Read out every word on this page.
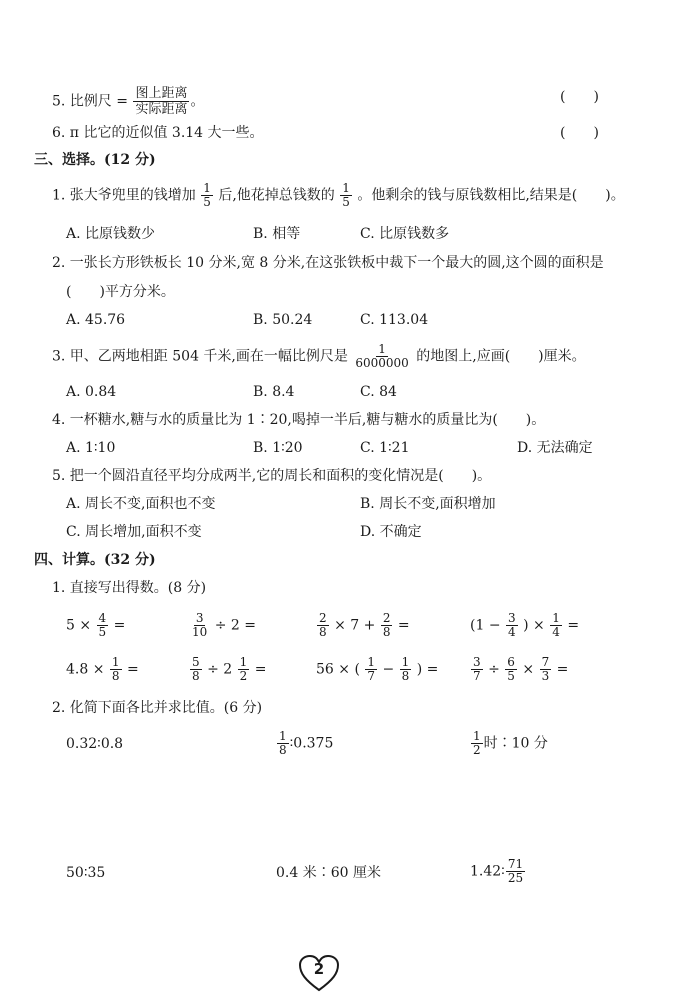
5. 比例尺 = $\frac{\text{图上距离}}{\text{实际距离}}$ 。	(　　)
6. π 比它的近似值 3.14 大一些。	(　　)
三、选择。(12 分)
1. 张大爷兜里的钱增加 $\frac{1}{5}$ 后,他花掉总钱数的 $\frac{1}{5}$ 。他剩余的钱与原钱数相比,结果是(　　)。
A. 比原钱数少	B. 相等	C. 比原钱数多
2. 一张长方形铁板长 10 分米,宽 8 分米,在这张铁板中裁下一个最大的圆,这个圆的面积是
(　　)平方分米。
A. 45.76	B. 50.24	C. 113.04
3. 甲、乙两地相距 504 千米,画在一幅比例尺是 $\frac{1}{6000000}$ 的地图上,应画(　　)厘米。
A. 0.84	B. 8.4	C. 84
4. 一杯糖水,糖与水的质量比为 1∶20,喝掉一半后,糖与糖水的质量比为(　　)。
A. 1∶10	B. 1∶20	C. 1∶21	D. 无法确定
5. 把一个圆沿直径平均分成两半,它的周长和面积的变化情况是(　　)。
A. 周长不变,面积也不变	B. 周长不变,面积增加
C. 周长增加,面积不变	D. 不确定
四、计算。(32 分)
1. 直接写出得数。(8 分)
$5 \times \frac{4}{5}$ =	$\frac{3}{10} \div 2$ =	$\frac{2}{8} \times 7 + \frac{2}{8}$ =	($1 - \frac{3}{4}$ ) × $\frac{1}{4}$ =
$4.8 \times \frac{1}{8}$ =	$\frac{5}{8} \div 2 \frac{1}{2}$ =	56 × ( $\frac{1}{7} - \frac{1}{8}$ ) =	$\frac{3}{7} \div \frac{6}{5} \times \frac{7}{3}$ =
2. 化简下面各比并求比值。(6 分)
0.32∶0.8	$\frac{1}{8}$ ∶0.375	$\frac{1}{2}$ 时∶10 分
50∶35	0.4 米∶60 厘米	1.42∶ $\frac{71}{25}$
2
